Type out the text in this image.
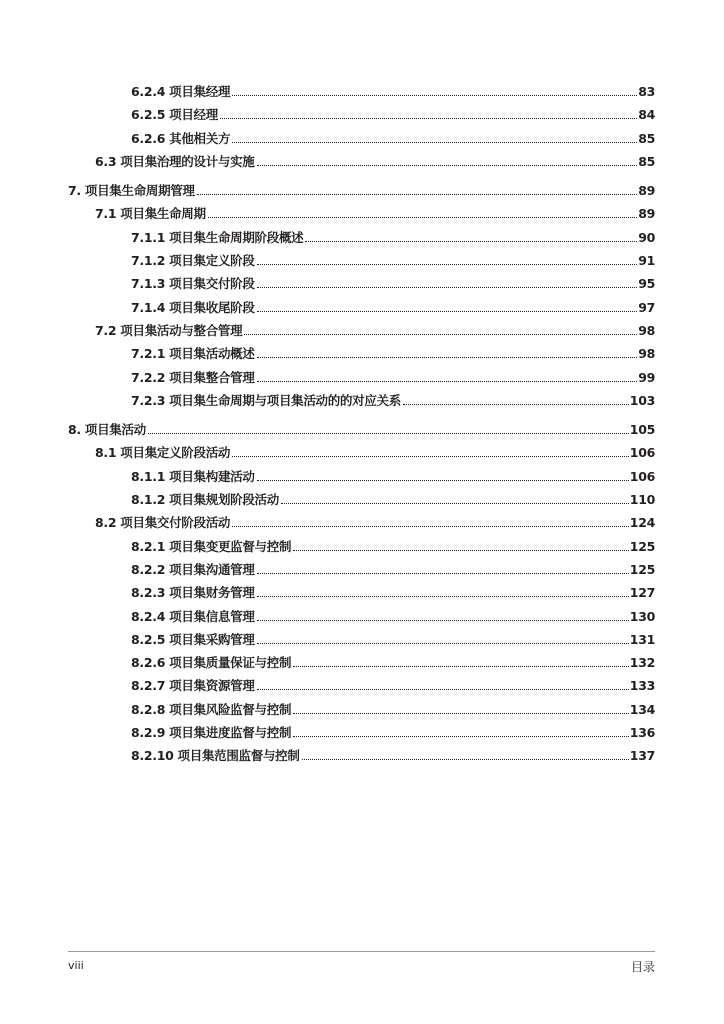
6.2.4 项目集经理	83
6.2.5 项目经理	84
6.2.6 其他相关方	85
6.3 项目集治理的设计与实施	85
7. 项目集生命周期管理	89
7.1 项目集生命周期	89
7.1.1 项目集生命周期阶段概述	90
7.1.2 项目集定义阶段	91
7.1.3 项目集交付阶段	95
7.1.4 项目集收尾阶段	97
7.2 项目集活动与整合管理	98
7.2.1 项目集活动概述	98
7.2.2 项目集整合管理	99
7.2.3 项目集生命周期与项目集活动的的对应关系	103
8. 项目集活动	105
8.1 项目集定义阶段活动	106
8.1.1 项目集构建活动	106
8.1.2 项目集规划阶段活动	110
8.2 项目集交付阶段活动	124
8.2.1 项目集变更监督与控制	125
8.2.2 项目集沟通管理	125
8.2.3 项目集财务管理	127
8.2.4 项目集信息管理	130
8.2.5 项目集采购管理	131
8.2.6 项目集质量保证与控制	132
8.2.7 项目集资源管理	133
8.2.8 项目集风险监督与控制	134
8.2.9 项目集进度监督与控制	136
8.2.10 项目集范围监督与控制	137
viii	目录
